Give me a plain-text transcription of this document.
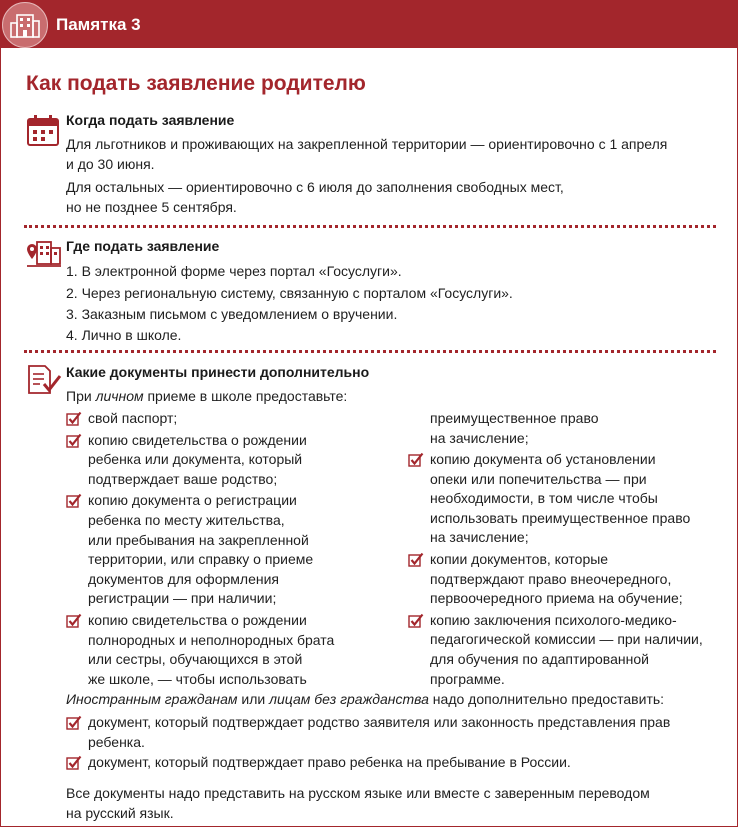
Памятка 3
Как подать заявление родителю
Когда подать заявление
Для льготников и проживающих на закрепленной территории — ориентировочно с 1 апреля
и до 30 июня.
Для остальных — ориентировочно с 6 июля до заполнения свободных мест,
но не позднее 5 сентября.
Где подать заявление
1. В электронной форме через портал «Госуслуги».
2. Через региональную систему, связанную с порталом «Госуслуги».
3. Заказным письмом с уведомлением о вручении.
4. Лично в школе.
Какие документы принести дополнительно
При личном приеме в школе предоставьте:
свой паспорт;
копию свидетельства о рождении
ребенка или документа, который
подтверждает ваше родство;
копию документа о регистрации
ребенка по месту жительства,
или пребывания на закрепленной
территории, или справку о приеме
документов для оформления
регистрации — при наличии;
копию свидетельства о рождении
полнородных и неполнородных брата
или сестры, обучающихся в этой
же школе, — чтобы использовать
преимущественное право
на зачисление;
копию документа об установлении
опеки или попечительства — при
необходимости, в том числе чтобы
использовать преимущественное право
на зачисление;
копии документов, которые
подтверждают право внеочередного,
первоочередного приема на обучение;
копию заключения психолого-медико-
педагогической комиссии — при наличии,
для обучения по адаптированной
программе.
Иностранным гражданам или лицам без гражданства надо дополнительно предоставить:
документ, который подтверждает родство заявителя или законность представления прав
ребенка.
документ, который подтверждает право ребенка на пребывание в России.
Все документы надо представить на русском языке или вместе с заверенным переводом
на русский язык.
